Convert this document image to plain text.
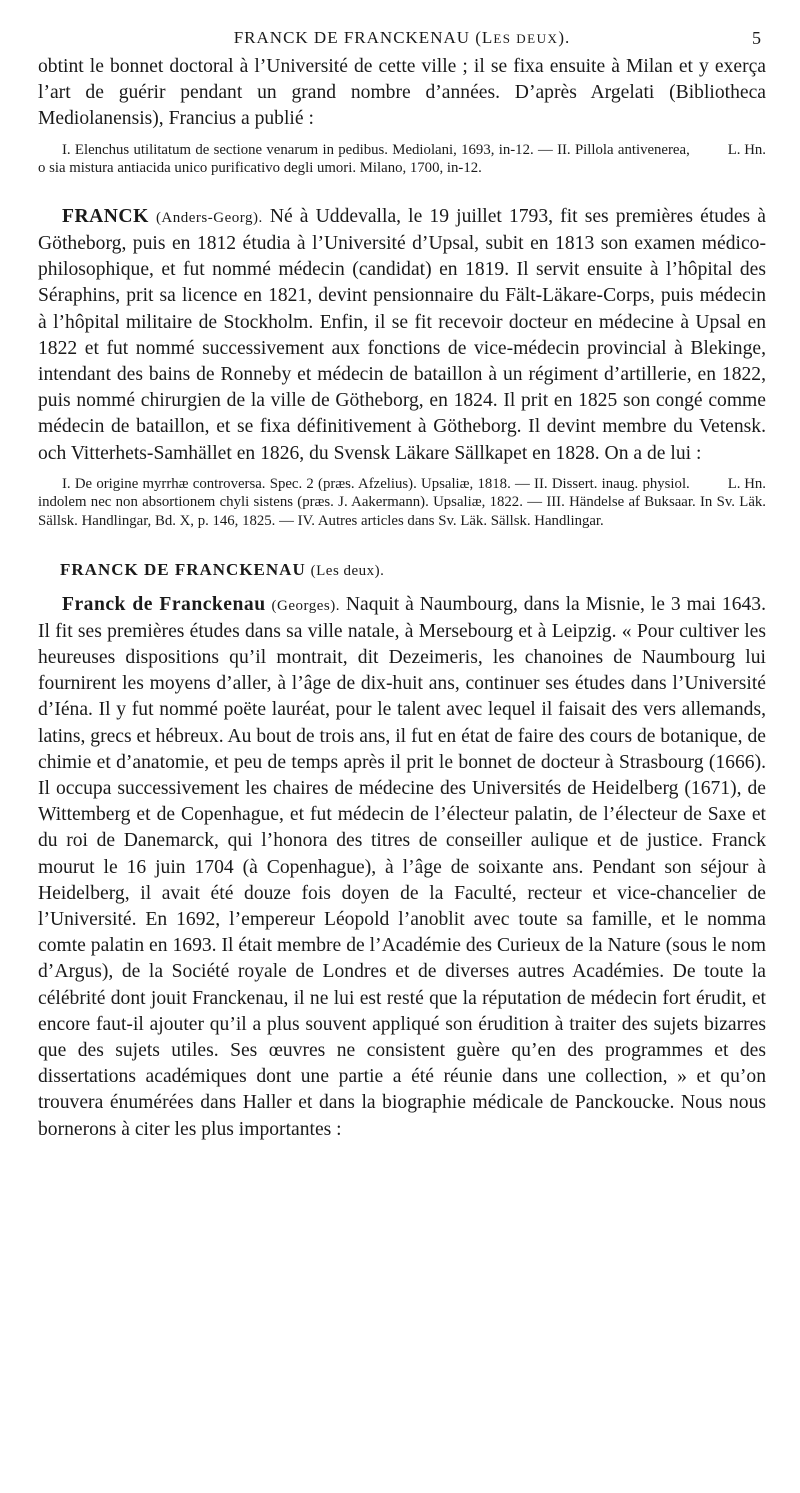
FRANCK DE FRANCKENAU (LES DEUX).	5

obtint le bonnet doctoral à l’Université de cette ville ; il se fixa ensuite à Milan et y exerça l’art de guérir pendant un grand nombre d’années. D’après Argelati (Bibliotheca Mediolanensis), Francius a publié :

L. Hn.
I. Elenchus utilitatum de sectione venarum in pedibus. Mediolani, 1693, in-12. — II. Pillola antivenerea, o sia mistura antiacida unico purificativo degli umori. Milano, 1700, in-12.

FRANCK (Anders-Georg). Né à Uddevalla, le 19 juillet 1793, fit ses premières études à Götheborg, puis en 1812 étudia à l’Université d’Upsal, subit en 1813 son examen médico-philosophique, et fut nommé médecin (candidat) en 1819. Il servit ensuite à l’hôpital des Séraphins, prit sa licence en 1821, devint pensionnaire du Fält-Läkare-Corps, puis médecin à l’hôpital militaire de Stockholm. Enfin, il se fit recevoir docteur en médecine à Upsal en 1822 et fut nommé successivement aux fonctions de vice-médecin provincial à Blekinge, intendant des bains de Ronneby et médecin de bataillon à un régiment d’artillerie, en 1822, puis nommé chirurgien de la ville de Götheborg, en 1824. Il prit en 1825 son congé comme médecin de bataillon, et se fixa définitivement à Götheborg. Il devint membre du Vetensk. och Vitterhets-Samhället en 1826, du Svensk Läkare Sällkapet en 1828. On a de lui :

L. Hn.
I. De origine myrrhæ controversa. Spec. 2 (præs. Afzelius). Upsaliæ, 1818. — II. Dissert. inaug. physiol. indolem nec non absortionem chyli sistens (præs. J. Aakermann). Upsaliæ, 1822. — III. Händelse af Buksaar. In Sv. Läk. Sällsk. Handlingar, Bd. X, p. 146, 1825. — IV. Autres articles dans Sv. Läk. Sällsk. Handlingar.

FRANCK DE FRANCKENAU (Les deux).

Franck de Franckenau (Georges). Naquit à Naumbourg, dans la Misnie, le 3 mai 1643. Il fit ses premières études dans sa ville natale, à Mersebourg et à Leipzig. « Pour cultiver les heureuses dispositions qu’il montrait, dit Dezeimeris, les chanoines de Naumbourg lui fournirent les moyens d’aller, à l’âge de dix-huit ans, continuer ses études dans l’Université d’Iéna. Il y fut nommé poëte lauréat, pour le talent avec lequel il faisait des vers allemands, latins, grecs et hébreux. Au bout de trois ans, il fut en état de faire des cours de botanique, de chimie et d’anatomie, et peu de temps après il prit le bonnet de docteur à Strasbourg (1666). Il occupa successivement les chaires de médecine des Universités de Heidelberg (1671), de Wittemberg et de Copenhague, et fut médecin de l’électeur palatin, de l’électeur de Saxe et du roi de Danemarck, qui l’honora des titres de conseiller aulique et de justice. Franck mourut le 16 juin 1704 (à Copenhague), à l’âge de soixante ans. Pendant son séjour à Heidelberg, il avait été douze fois doyen de la Faculté, recteur et vice-chancelier de l’Université. En 1692, l’empereur Léopold l’anoblit avec toute sa famille, et le nomma comte palatin en 1693. Il était membre de l’Académie des Curieux de la Nature (sous le nom d’Argus), de la Société royale de Londres et de diverses autres Académies. De toute la célébrité dont jouit Franckenau, il ne lui est resté que la réputation de médecin fort érudit, et encore faut-il ajouter qu’il a plus souvent appliqué son érudition à traiter des sujets bizarres que des sujets utiles. Ses œuvres ne consistent guère qu’en des programmes et des dissertations académiques dont une partie a été réunie dans une collection, » et qu’on trouvera énumérées dans Haller et dans la biographie médicale de Panckoucke. Nous nous bornerons à citer les plus importantes :
